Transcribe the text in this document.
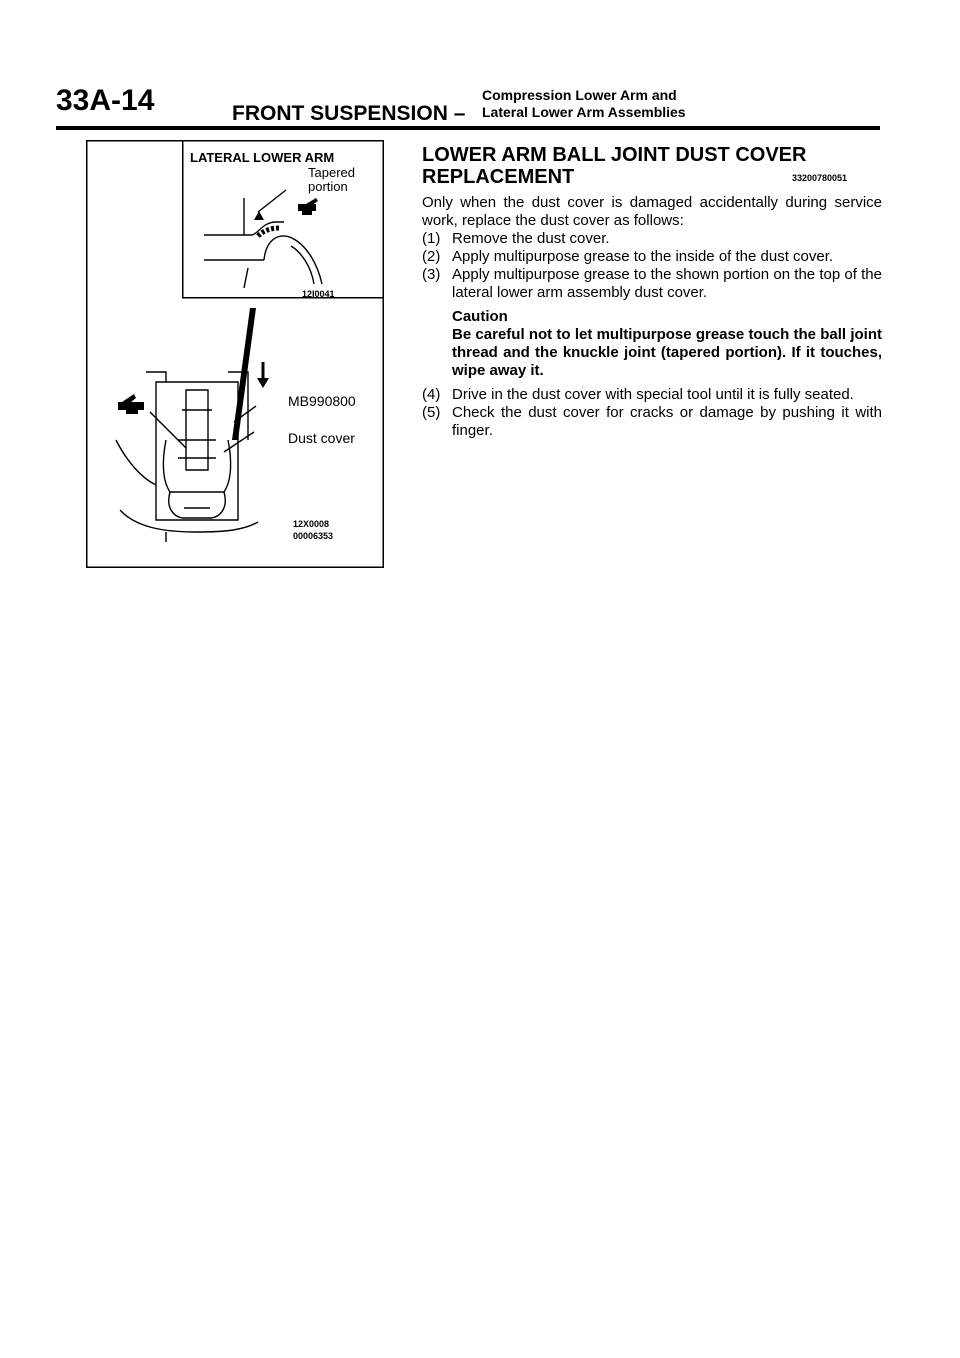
33A-14	FRONT SUSPENSION –
Compression Lower Arm and
Lateral Lower Arm Assemblies
LATERAL LOWER ARM
Tapered
portion
12I0041
MB990800
Dust cover
12X0008
00006353
LOWER ARM BALL JOINT DUST COVER
REPLACEMENT	33200780051

Only when the dust cover is damaged accidentally during service work, replace the dust cover as follows:

(1) Remove the dust cover.
(2) Apply multipurpose grease to the inside of the dust cover.
(3) Apply multipurpose grease to the shown portion on the top of the lateral lower arm assembly dust cover.
Caution
Be careful not to let multipurpose grease touch the ball joint thread and the knuckle joint (tapered portion). If it touches, wipe away it.
(4) Drive in the dust cover with special tool until it is fully seated.
(5) Check the dust cover for cracks or damage by pushing it with finger.
